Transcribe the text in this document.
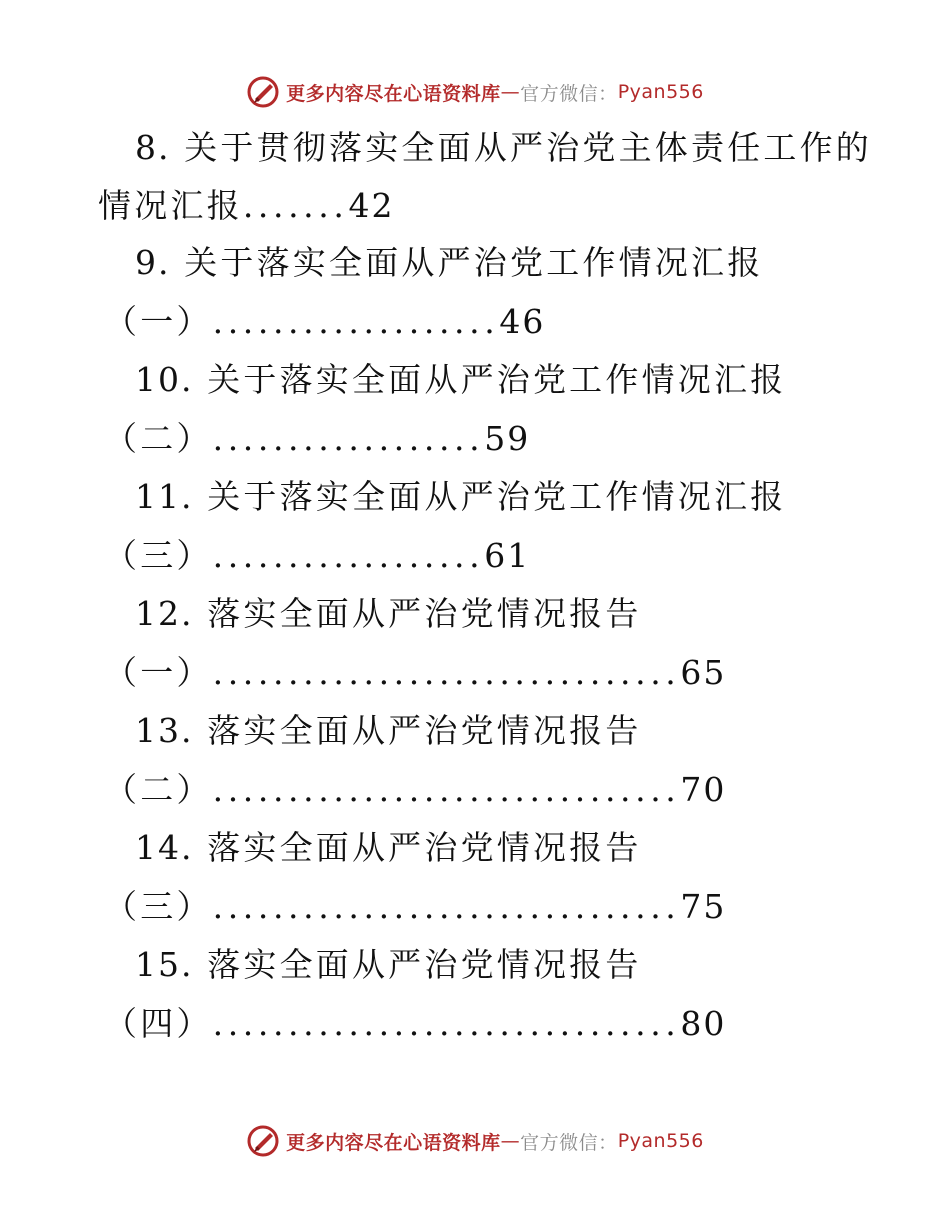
更多内容尽在心语资料库 — 官方微信： Pyan556
8. 关于贯彻落实全面从严治党主体责任工作的
情况汇报.......42
9. 关于落实全面从严治党工作情况汇报
（一）...................46
10. 关于落实全面从严治党工作情况汇报
（二）..................59
11. 关于落实全面从严治党工作情况汇报
（三）..................61
12. 落实全面从严治党情况报告
（一）...............................65
13. 落实全面从严治党情况报告
（二）...............................70
14. 落实全面从严治党情况报告
（三）...............................75
15. 落实全面从严治党情况报告
（四）...............................80
更多内容尽在心语资料库 — 官方微信： Pyan556
